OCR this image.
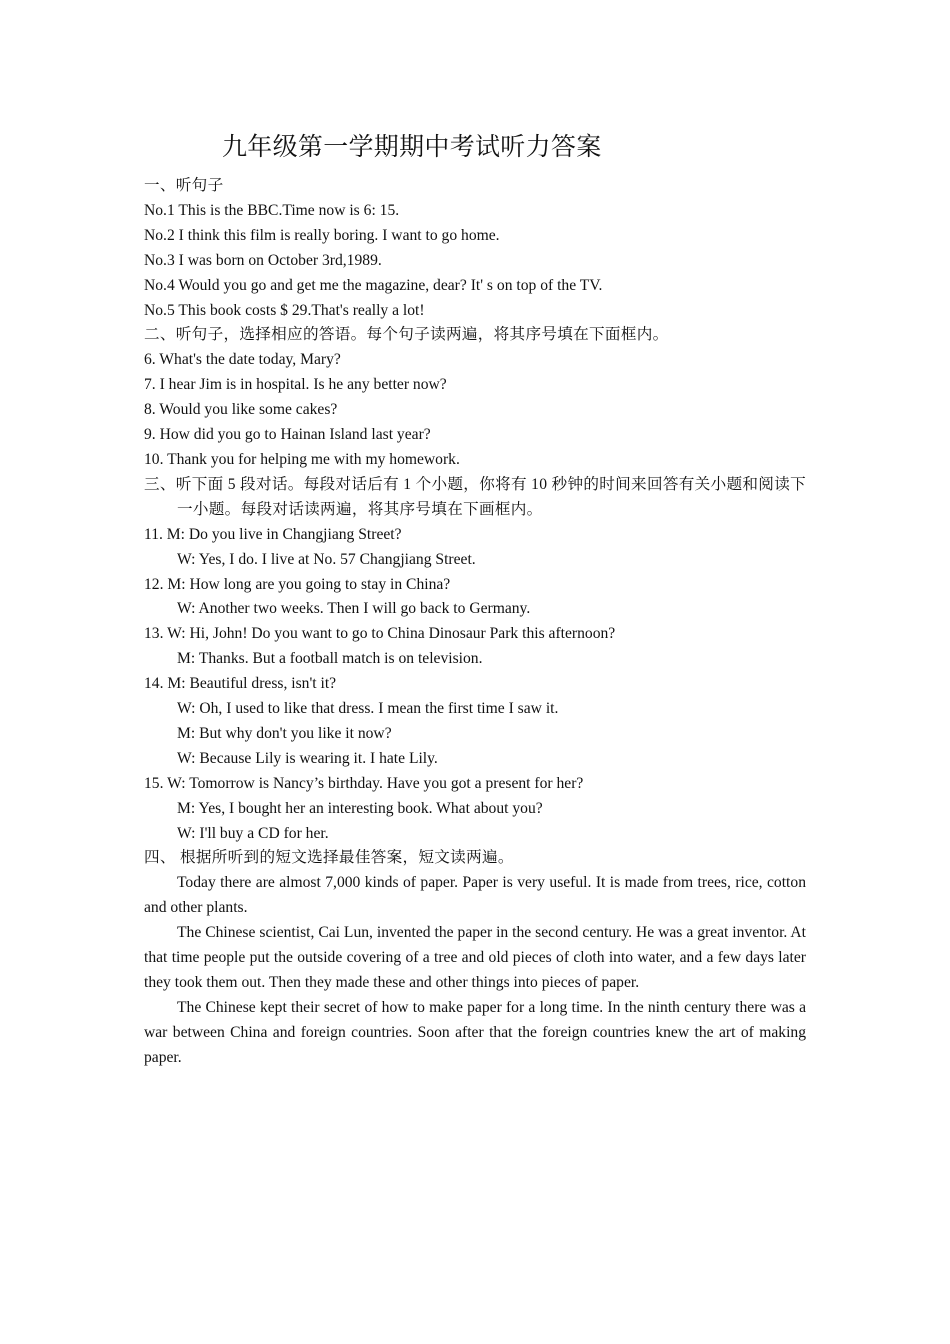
九年级第一学期期中考试听力答案
一、听句子
No.1 This is the BBC.Time now is 6: 15.
No.2 I think this film is really boring. I want to go home.
No.3 I was born on October 3rd,1989.
No.4 Would you go and get me the magazine, dear? It' s on top of the TV.
No.5 This book costs $ 29.That's really a lot!
二、听句子，选择相应的答语。每个句子读两遍，将其序号填在下面框内。
6. What's the date today, Mary?
7. I hear Jim is in hospital. Is he any better now?
8. Would you like some cakes?
9. How did you go to Hainan Island last year?
10. Thank you for helping me with my homework.
三、听下面 5 段对话。每段对话后有 1 个小题，你将有 10 秒钟的时间来回答有关小题和阅读下一小题。每段对话读两遍，将其序号填在下画框内。
11. M: Do you live in Changjiang Street?
W: Yes, I do. I live at No. 57 Changjiang Street.
12. M: How long are you going to stay in China?
W: Another two weeks. Then I will go back to Germany.
13. W: Hi, John! Do you want to go to China Dinosaur Park this afternoon?
M: Thanks. But a football match is on television.
14. M: Beautiful dress, isn't it?
W: Oh, I used to like that dress. I mean the first time I saw it.
M: But why don't you like it now?
W: Because Lily is wearing it. I hate Lily.
15. W: Tomorrow is Nancy’s birthday. Have you got a present for her?
M: Yes, I bought her an interesting book. What about you?
W: I'll buy a CD for her.
四、 根据所听到的短文选择最佳答案，短文读两遍。
Today there are almost 7,000 kinds of paper. Paper is very useful. It is made from trees, rice, cotton and other plants.
The Chinese scientist, Cai Lun, invented the paper in the second century. He was a great inventor. At that time people put the outside covering of a tree and old pieces of cloth into water, and a few days later they took them out. Then they made these and other things into pieces of paper.
The Chinese kept their secret of how to make paper for a long time. In the ninth century there was a war between China and foreign countries. Soon after that the foreign countries knew the art of making paper.
